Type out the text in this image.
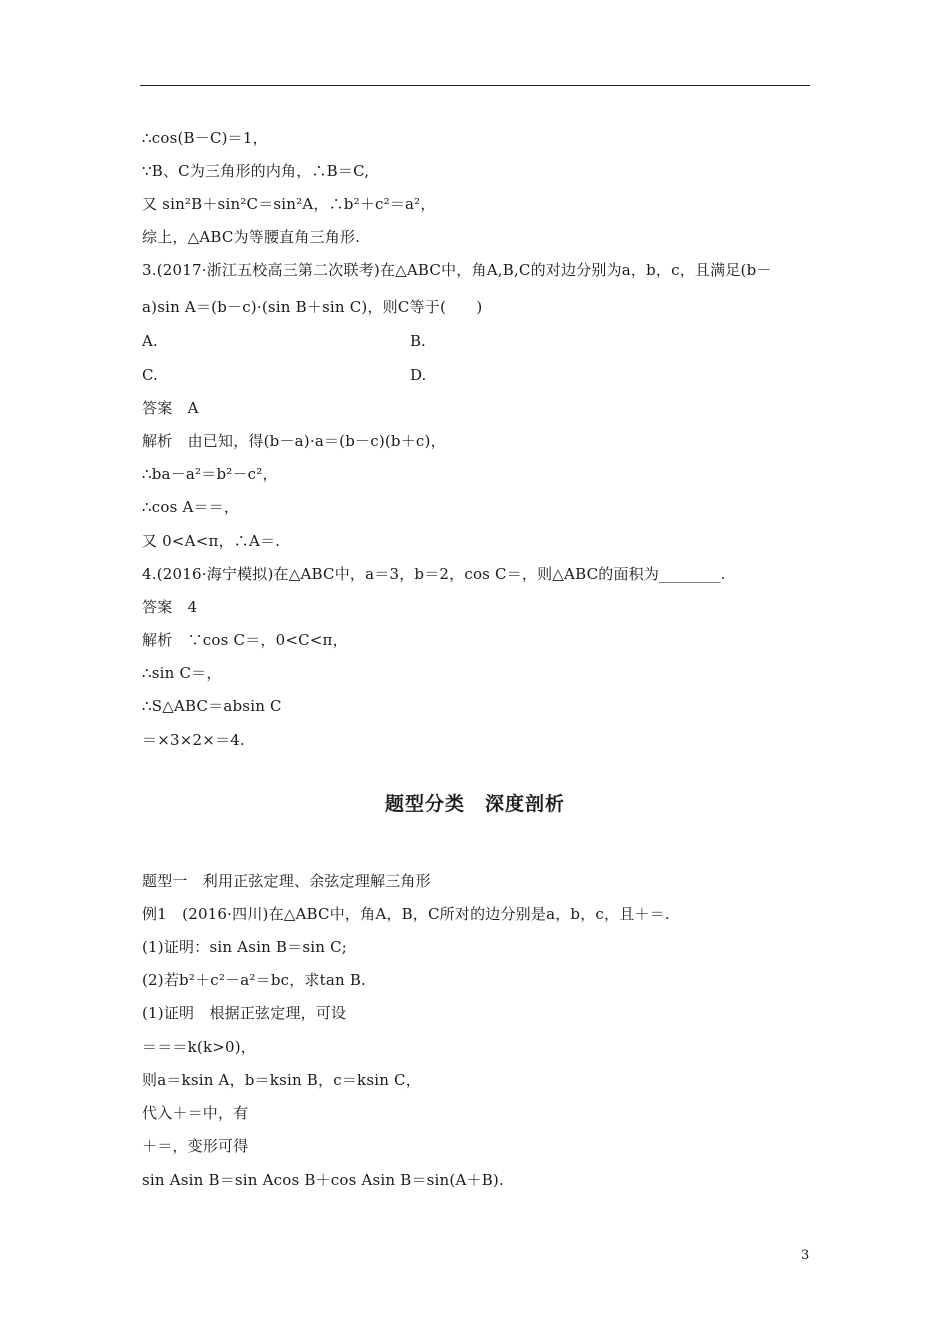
∴cos(B－C)＝1，
∵B、C为三角形的内角，∴B＝C,
又 sin²B＋sin²C＝sin²A，∴b²＋c²＝a²，
综上，△ABC为等腰直角三角形.
3.(2017·浙江五校高三第二次联考)在△ABC中，角A,B,C的对边分别为a，b，c，且满足(b－
a)sin A＝(b－c)·(sin B＋sin C)，则C等于(　　)
A.	B.
C.	D.
答案　A
解析　由已知，得(b－a)·a＝(b－c)(b＋c)，
∴ba－a²＝b²－c²，
∴cos A＝＝，
又 0<A<π，∴A＝.
4.(2016·海宁模拟)在△ABC中，a＝3，b＝2，cos C＝，则△ABC的面积为________.
答案　4
解析　∵cos C＝，0<C<π，
∴sin C＝，
∴S△ABC＝absin C
＝×3×2×＝4.
题型分类　深度剖析
题型一　利用正弦定理、余弦定理解三角形
例1　(2016·四川)在△ABC中，角A，B，C所对的边分别是a，b，c，且＋＝.
(1)证明：sin Asin B＝sin C;
(2)若b²＋c²－a²＝bc，求tan B.
(1)证明　根据正弦定理，可设
＝＝＝k(k>0)，
则a＝ksin A，b＝ksin B，c＝ksin C，
代入＋＝中，有
＋＝，变形可得
sin Asin B＝sin Acos B＋cos Asin B＝sin(A＋B).
3
